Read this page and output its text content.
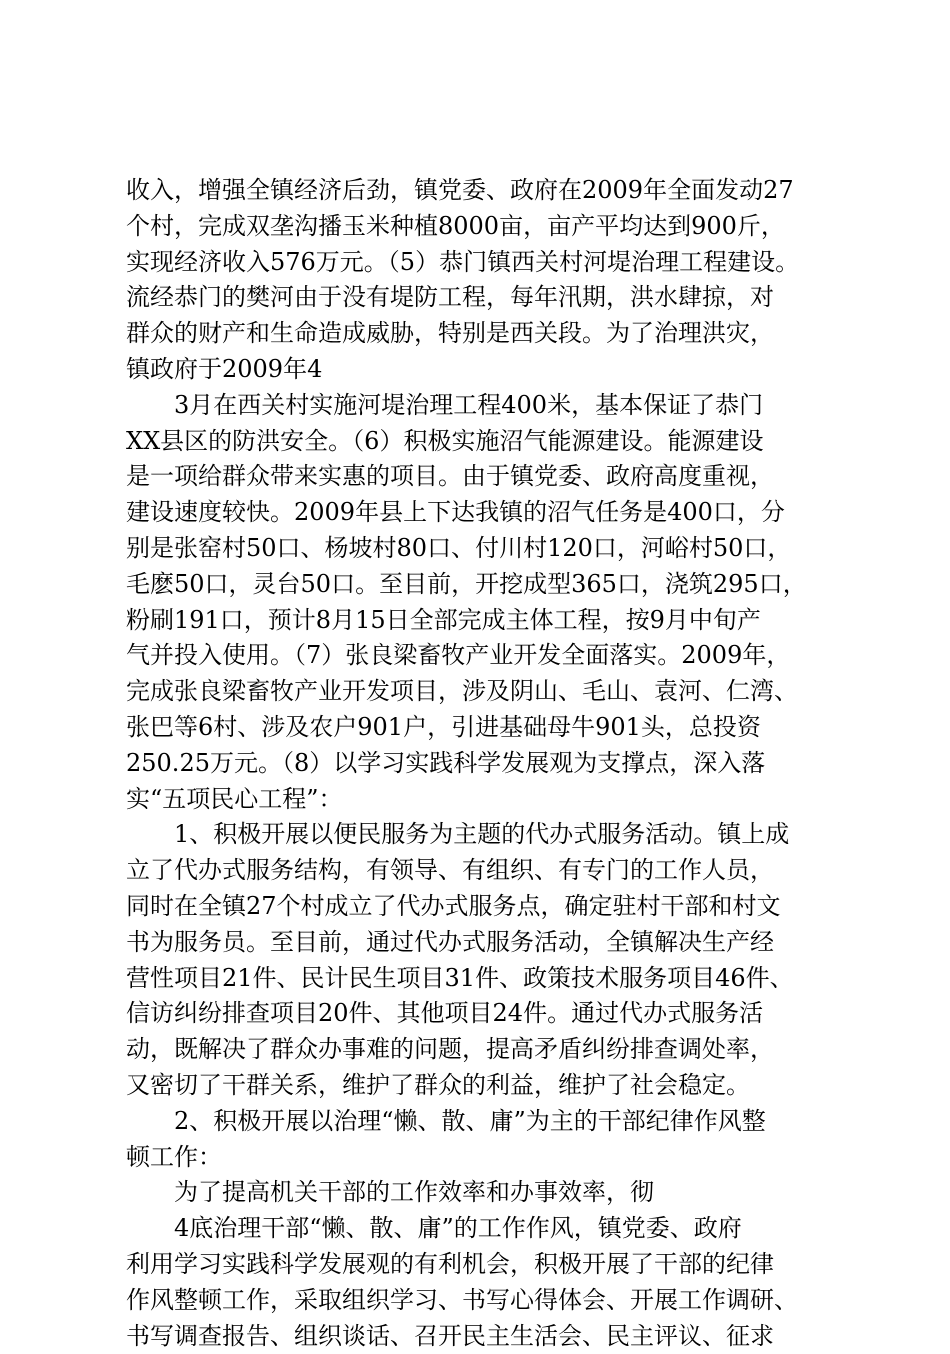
收入，增强全镇经济后劲，镇党委、政府在2009年全面发动27
个村，完成双垄沟播玉米种植8000亩，亩产平均达到900斤，
实现经济收入576万元。（5）恭门镇西关村河堤治理工程建设。
流经恭门的樊河由于没有堤防工程，每年汛期，洪水肆掠，对
群众的财产和生命造成威胁，特别是西关段。为了治理洪灾，
镇政府于2009年4
　　3月在西关村实施河堤治理工程400米，基本保证了恭门
XX县区的防洪安全。（6）积极实施沼气能源建设。能源建设
是一项给群众带来实惠的项目。由于镇党委、政府高度重视，
建设速度较快。2009年县上下达我镇的沼气任务是400口，分
别是张窑村50口、杨坡村80口、付川村120口，河峪村50口，
毛麽50口，灵台50口。至目前，开挖成型365口，浇筑295口，
粉刷191口，预计8月15日全部完成主体工程，按9月中旬产
气并投入使用。（7）张良梁畜牧产业开发全面落实。2009年，
完成张良梁畜牧产业开发项目，涉及阴山、毛山、袁河、仁湾、
张巴等6村、涉及农户901户，引进基础母牛901头，总投资
250.25万元。（8）以学习实践科学发展观为支撑点，深入落
实“五项民心工程”：
　　1、积极开展以便民服务为主题的代办式服务活动。镇上成
立了代办式服务结构，有领导、有组织、有专门的工作人员，
同时在全镇27个村成立了代办式服务点，确定驻村干部和村文
书为服务员。至目前，通过代办式服务活动，全镇解决生产经
营性项目21件、民计民生项目31件、政策技术服务项目46件、
信访纠纷排查项目20件、其他项目24件。通过代办式服务活
动，既解决了群众办事难的问题，提高矛盾纠纷排查调处率，
又密切了干群关系，维护了群众的利益，维护了社会稳定。
　　2、积极开展以治理“懒、散、庸”为主的干部纪律作风整
顿工作：
　　为了提高机关干部的工作效率和办事效率，彻
　　4底治理干部“懒、散、庸”的工作作风，镇党委、政府
利用学习实践科学发展观的有利机会，积极开展了干部的纪律
作风整顿工作，采取组织学习、书写心得体会、开展工作调研、
书写调查报告、组织谈话、召开民主生活会、民主评议、征求
